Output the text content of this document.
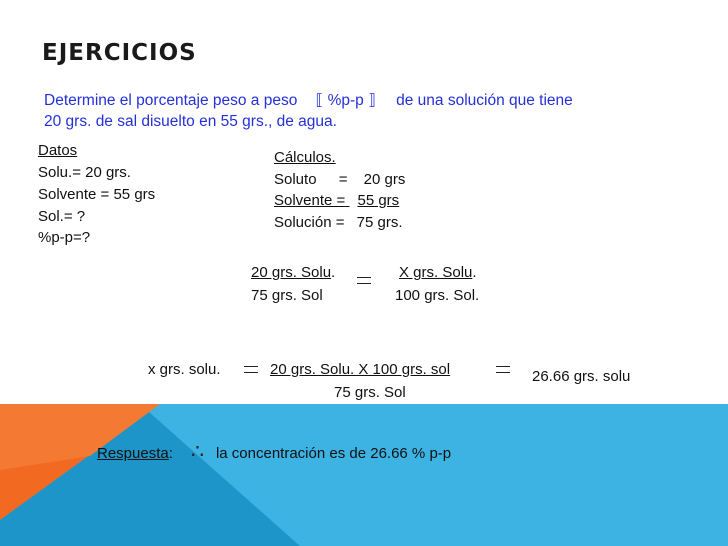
EJERCICIOS
Determine el porcentaje peso a peso ⟦ %p-p ⟧ de una solución que tiene
20 grs. de sal disuelto en 55 grs., de agua.
Datos
Solu.= 20 grs.
Solvente = 55 grs
Sol.= ?
%p-p=?
Cálculos.
Soluto = 20 grs
Solvente = 55 grs
Solución = 75 grs.
20 grs. Solu.
75 grs. Sol
X grs. Solu.
100 grs. Sol.
x grs. solu.	20 grs. Solu. X 100 grs. sol
75 grs. Sol
26.66 grs. solu
Respuesta: ∴ la concentración es de 26.66 % p-p
